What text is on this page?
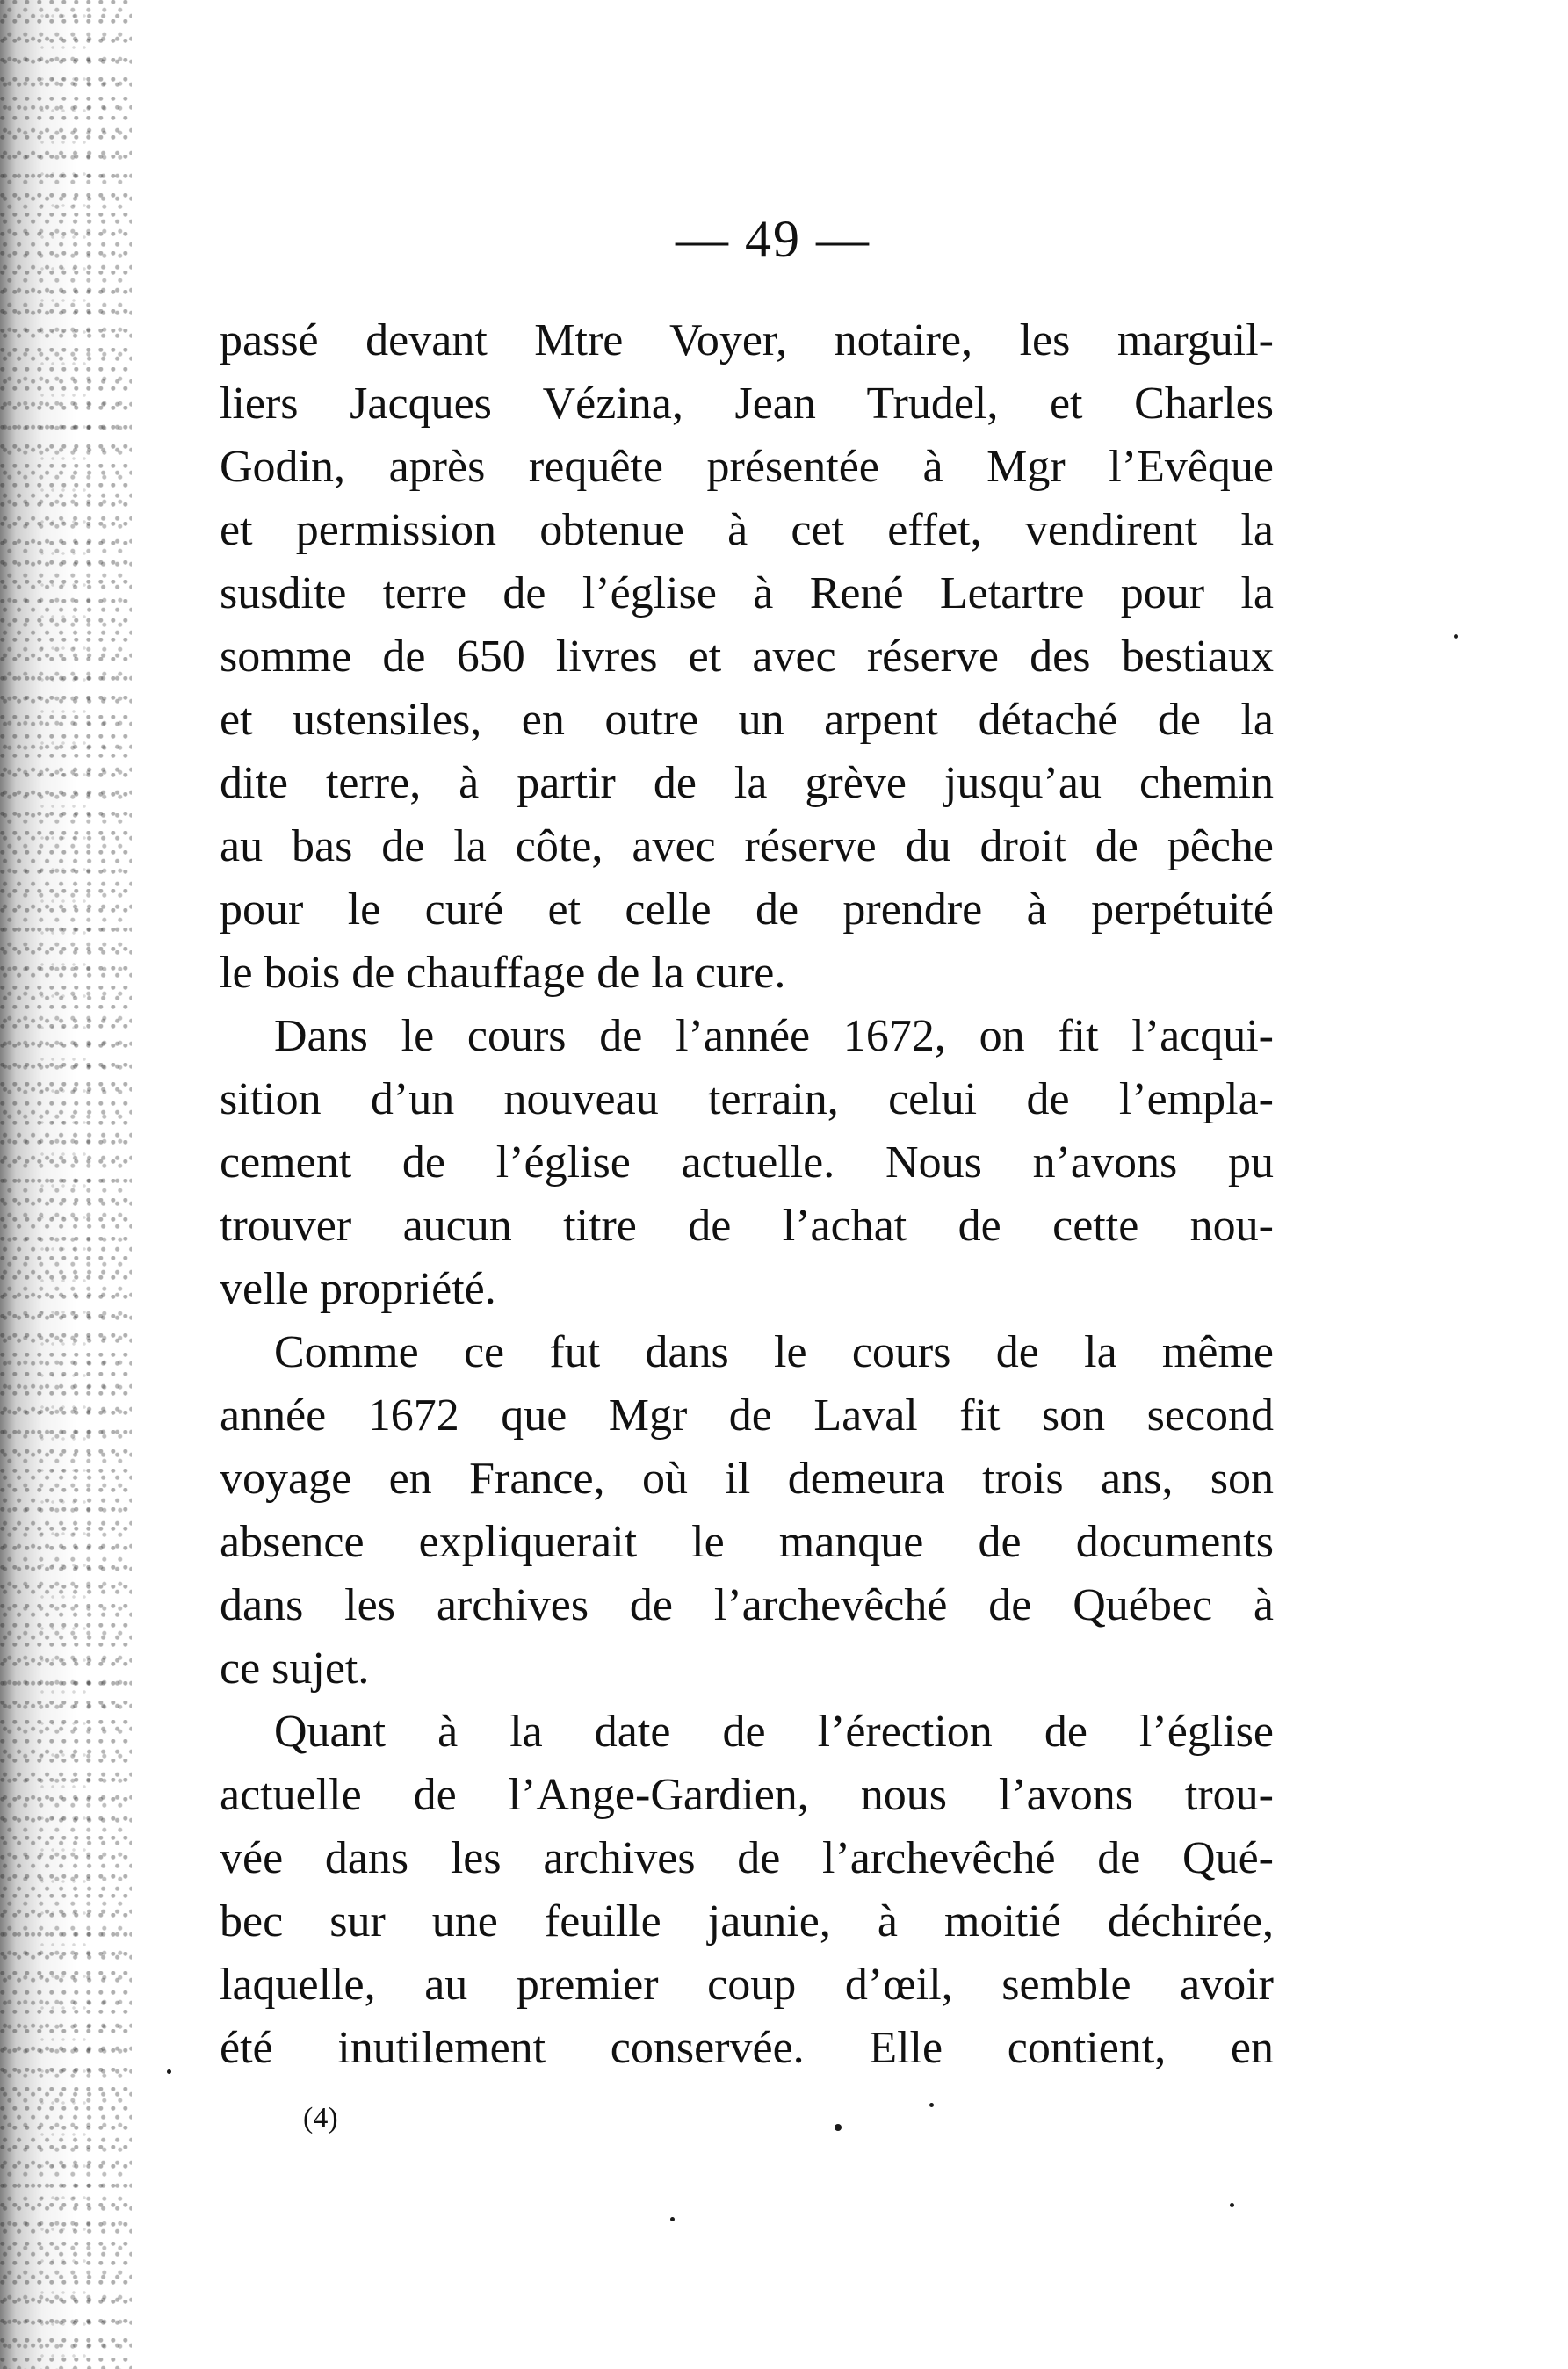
— 49 —

passé devant Mtre Voyer, notaire, les marguil-
liers Jacques Vézina, Jean Trudel, et Charles
Godin, après requête présentée à Mgr l’Evêque
et permission obtenue à cet effet, vendirent la
susdite terre de l’église à René Letartre pour la
somme de 650 livres et avec réserve des bestiaux
et ustensiles, en outre un arpent détaché de la
dite terre, à partir de la grève jusqu’au chemin
au bas de la côte, avec réserve du droit de pêche
pour le curé et celle de prendre à perpétuité
le bois de chauffage de la cure.

Dans le cours de l’année 1672, on fit l’acqui-
sition d’un nouveau terrain, celui de l’empla-
cement de l’église actuelle. Nous n’avons pu
trouver aucun titre de l’achat de cette nou-
velle propriété.

Comme ce fut dans le cours de la même
année 1672 que Mgr de Laval fit son second
voyage en France, où il demeura trois ans, son
absence expliquerait le manque de documents
dans les archives de l’archevêché de Québec à
ce sujet.

Quant à la date de l’érection de l’église
actuelle de l’Ange-Gardien, nous l’avons trou-
vée dans les archives de l’archevêché de Qué-
bec sur une feuille jaunie, à moitié déchirée,
laquelle, au premier coup d’œil, semble avoir
été inutilement conservée. Elle contient, en

(4)
